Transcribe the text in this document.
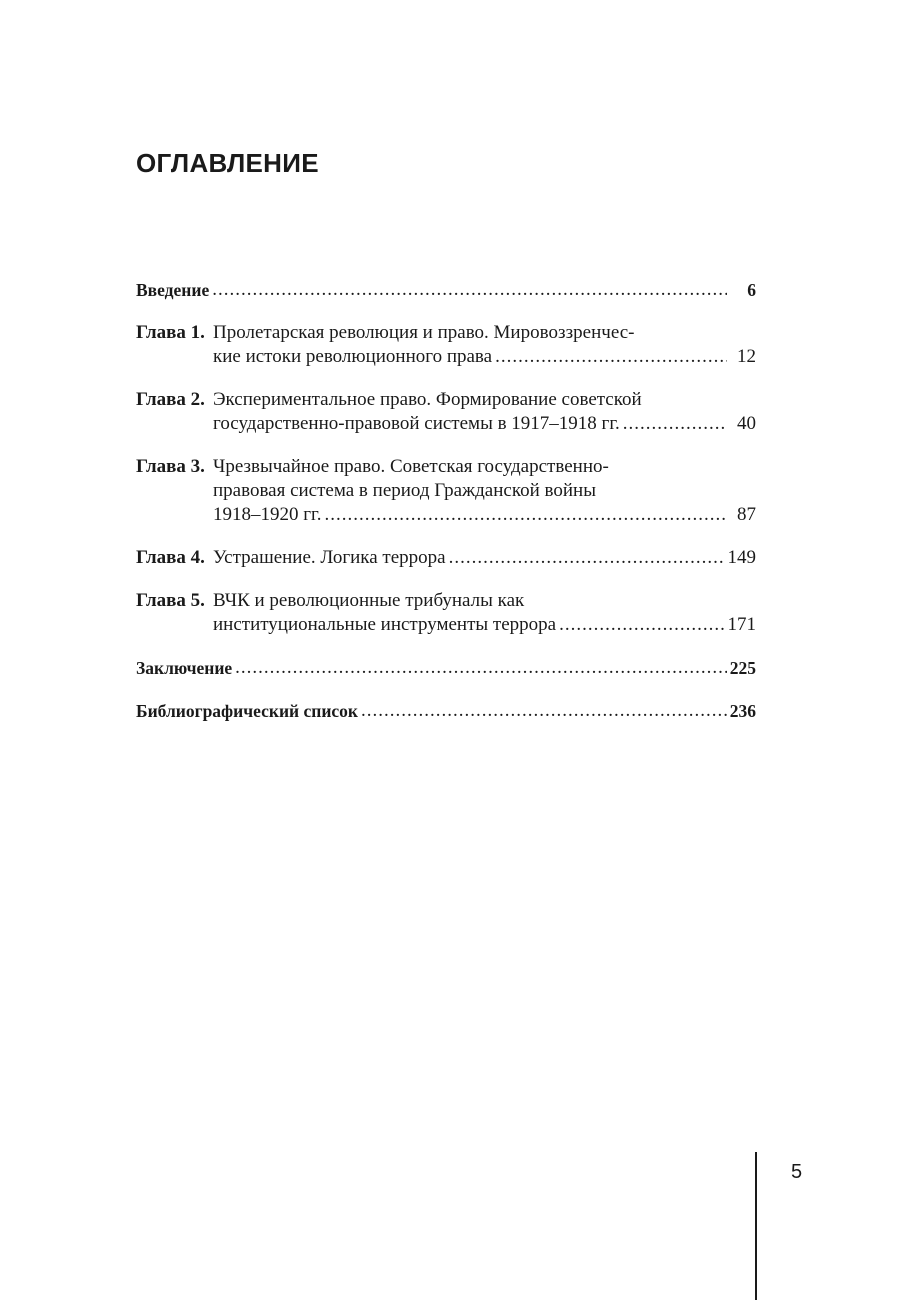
ОГЛАВЛЕНИЕ
Введение .....	6
Глава 1. Пролетарская революция и право. Мировоззренчес-
кие истоки революционного права .....	12
Глава 2. Экспериментальное право. Формирование советской
государственно-правовой системы в 1917–1918 гг. .....	40
Глава 3. Чрезвычайное право. Советская государственно-
правовая система в период Гражданской войны
1918–1920 гг. .....	87
Глава 4. Устрашение. Логика террора .....	149
Глава 5. ВЧК и революционные трибуналы как
институциональные инструменты террора .....	171
Заключение .....	225
Библиографический список .....	236
5
